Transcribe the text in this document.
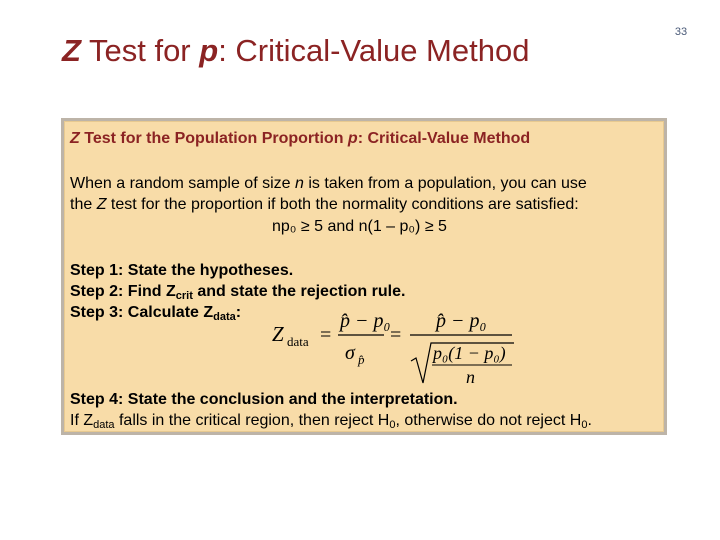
33
Z Test for p: Critical-Value Method
Z Test for the Population Proportion p: Critical-Value Method
When a random sample of size n is taken from a population, you can use
the Z test for the proportion if both the normality conditions are satisfied:
np₀ ≥ 5 and n(1 – p₀) ≥ 5
Step 1: State the hypotheses.
Step 2: Find $Z_{crit}$ and state the rejection rule.
Step 3: Calculate $Z_{data}$:
Z data =
p̂ − p₀
σ p̂
=
p̂ − p₀
p₀(1 − p₀)
n
Step 4: State the conclusion and the interpretation.
If $Z_{data}$ falls in the critical region, then reject $H_0$, otherwise do not reject $H_0$.
